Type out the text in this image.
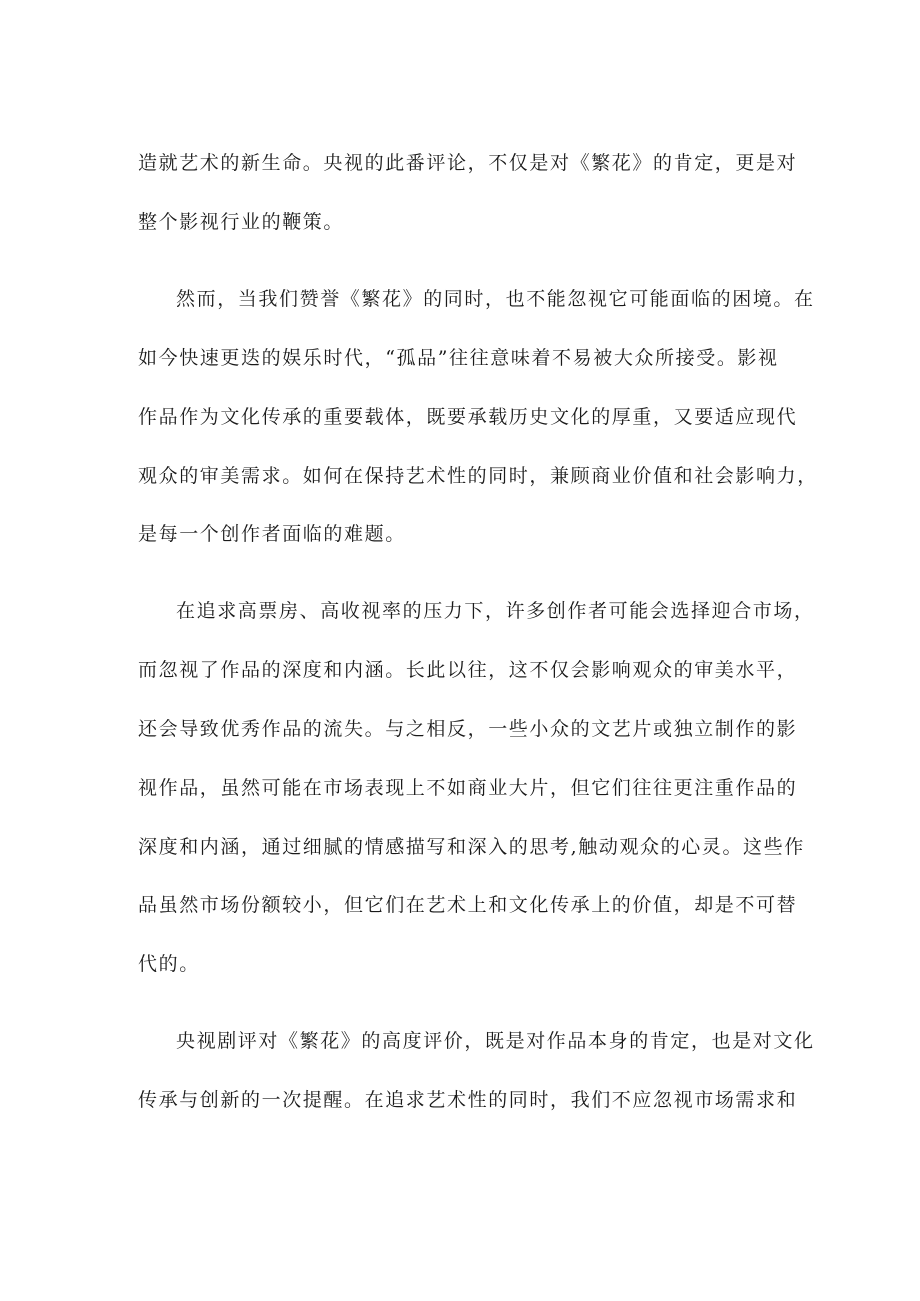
造就艺术的新生命。央视的此番评论，不仅是对《繁花》的肯定，更是对
整个影视行业的鞭策。
然而，当我们赞誉《繁花》的同时，也不能忽视它可能面临的困境。在
如今快速更迭的娱乐时代，“孤品”往往意味着不易被大众所接受。影视
作品作为文化传承的重要载体，既要承载历史文化的厚重，又要适应现代
观众的审美需求。如何在保持艺术性的同时，兼顾商业价值和社会影响力，
是每一个创作者面临的难题。
在追求高票房、高收视率的压力下，许多创作者可能会选择迎合市场，
而忽视了作品的深度和内涵。长此以往，这不仅会影响观众的审美水平，
还会导致优秀作品的流失。与之相反，一些小众的文艺片或独立制作的影
视作品，虽然可能在市场表现上不如商业大片，但它们往往更注重作品的
深度和内涵，通过细腻的情感描写和深入的思考,触动观众的心灵。这些作
品虽然市场份额较小，但它们在艺术上和文化传承上的价值，却是不可替
代的。
央视剧评对《繁花》的高度评价，既是对作品本身的肯定，也是对文化
传承与创新的一次提醒。在追求艺术性的同时，我们不应忽视市场需求和
